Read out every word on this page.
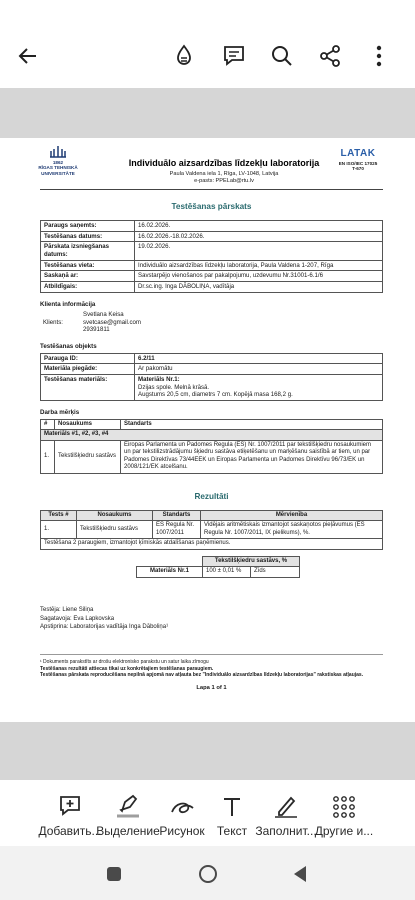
1862
RĪGAS TEHNISKĀ UNIVERSITĀTE
Individuālo aizsardzības līdzekļu laboratorija
Paula Valdena iela 1, Rīga, LV-1048, Latvija
e-pasts: PPELab@rtu.lv
LATAK
EN ISO/IEC 17025
T-670
Testēšanas pārskats
Paraugs saņemts:	16.02.2026.
Testēšanas datums:	16.02.2026.-18.02.2026.
Pārskata izsniegšanas datums:	19.02.2026.
Testēšanas vieta:	Individuālo aizsardzības līdzekļu laboratorija, Paula Valdena 1-207, Rīga
Saskaņā ar:	Savstarpējo vienošanos par pakalpojumu, uzdevumu Nr.31001-6.1/6
Atbildīgais:	Dr.sc.ing. Inga DĀBOLIŅA, vadītāja
Klienta informācija
Klients:	
Svetlana Keisa
svetcase@gmail.com
29391811
Testēšanas objekts
Parauga ID:	6.2/11
Materiāla piegāde:	Ar pakomātu
Testēšanas materiāls:	Materiāls Nr.1:
Dzijas spole. Melnā krāsā.
Augstums 20,5 cm, diametrs 7 cm. Kopējā masa 168,2 g.
Darba mērķis
#	Nosaukums	Standarts
Materiāls #1, #2, #3, #4		
1.	Tekstilšķiedru sastāvs	Eiropas Parlamenta un Padomes Regula (ES) Nr. 1007/2011 par tekstilšķiedru nosaukumiem un par tekstilizstrādājumu šķiedru sastāva etiķetēšanu un marķēšanu saistībā ar tiem, un par Padomes Direktīvas 73/44EEK un Eiropas Parlamenta un Padomes Direktīvu 96/73/EK un 2008/121/EK atcelšanu.
Rezultāti
Tests #	Nosaukums	Standarts	Mērvienība
1.	Tekstilšķiedru sastāvs	ES Regula Nr. 1007/2011	Vidējais aritmētiskais izmantojot saskaņotos pieļāvumus (ES Regula Nr. 1007/2011, IX pielikums), %.
Testēšana 2 paraugiem, izmantojot ķīmiskās atdalīšanas paņēmienus.			
	Tekstilšķiedru sastāvs, %	
Materiāls Nr.1	100 ± 0,01 %	Zīds
Testēja: Liene Siliņa
Sagatavoja: Eva Lapkovska
Apstiprina: Laboratorijas vadītāja Inga Dāboliņa¹
¹ Dokuments parakstīts ar drošu elektronisko parakstu un satur laika zīmogu
Testēšanas rezultāti attiecas tikai uz konkrētajiem testēšanas paraugiem.
Testēšanas pārskata reproducēšana nepilnā apjomā nav atļauta bez "Individuālo aizsardzības līdzekļu laboratorijas" rakstiskas atļaujas.
Lapa 1 of 1
Добавить...
Выделение Рисунок	Текст Заполнит...
Другие и...
